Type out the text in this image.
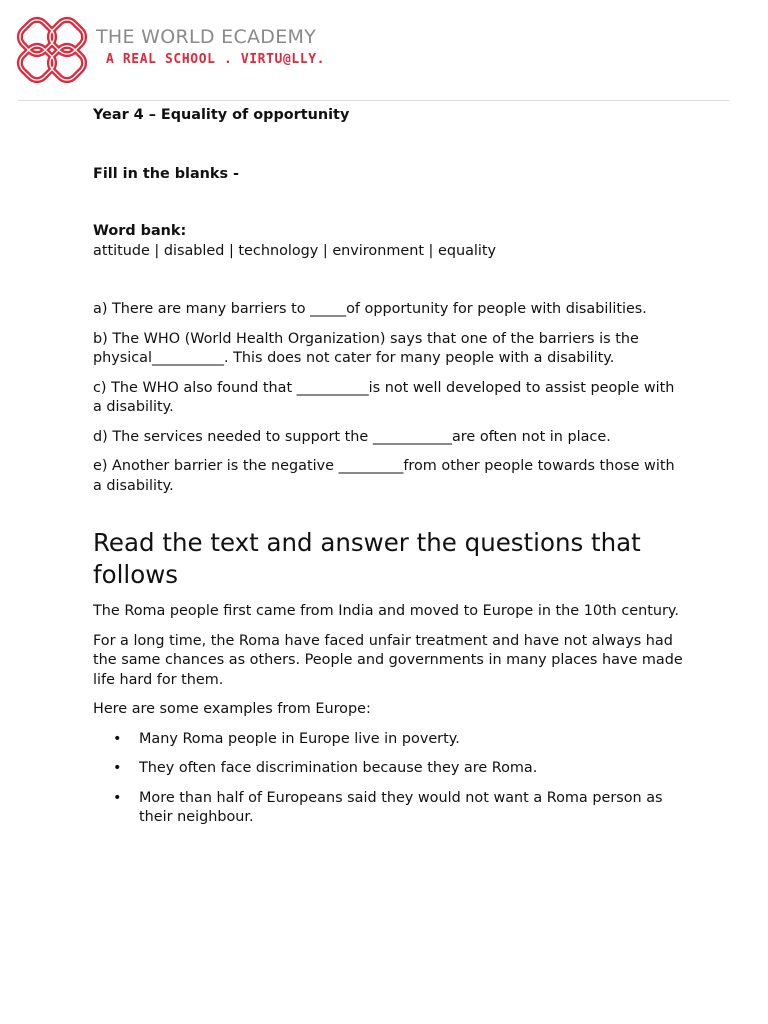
THE WORLD ECADEMY
A REAL SCHOOL . VIRTU@LLY.

Year 4 – Equality of opportunity

Fill in the blanks -

Word bank:

attitude | disabled | technology | environment | equality

a) There are many barriers to _____of opportunity for people with disabilities.

b) The WHO (World Health Organization) says that one of the barriers is the physical__________. This does not cater for many people with a disability.

c) The WHO also found that __________is not well developed to assist people with a disability.

d) The services needed to support the ___________are often not in place.

e) Another barrier is the negative _________from other people towards those with a disability.

Read the text and answer the questions that follows

The Roma people first came from India and moved to Europe in the 10th century.

For a long time, the Roma have faced unfair treatment and have not always had the same chances as others. People and governments in many places have made life hard for them.

Here are some examples from Europe:

• Many Roma people in Europe live in poverty.
• They often face discrimination because they are Roma.
• More than half of Europeans said they would not want a Roma person as their neighbour.
